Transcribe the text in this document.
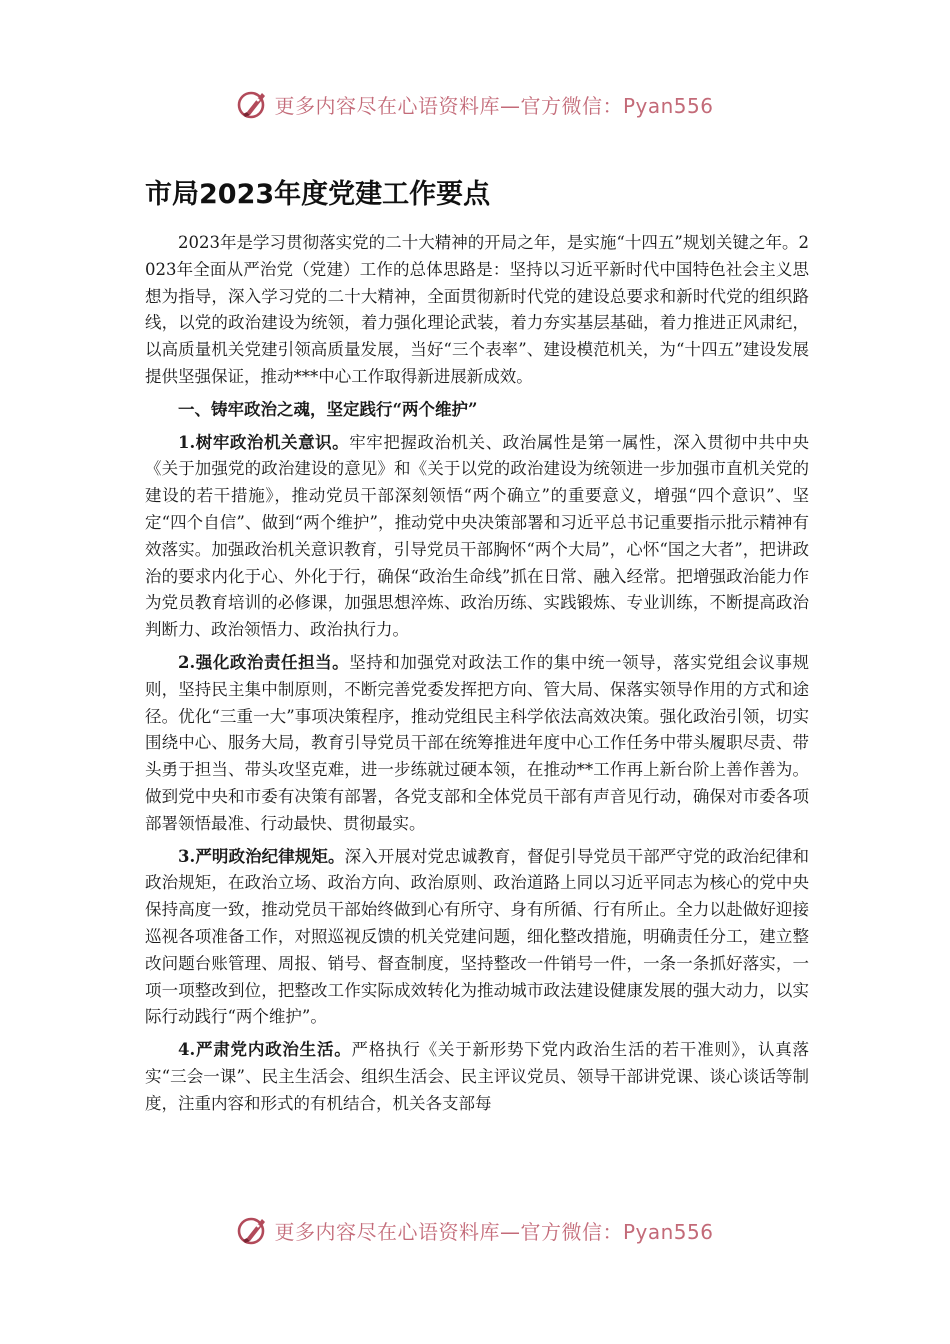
更多内容尽在心语资料库—官方微信：Pyan556
市局2023年度党建工作要点

2023年是学习贯彻落实党的二十大精神的开局之年，是实施“十四五”规划关键之年。2023年全面从严治党（党建）工作的总体思路是：坚持以习近平新时代中国特色社会主义思想为指导，深入学习党的二十大精神，全面贯彻新时代党的建设总要求和新时代党的组织路线，以党的政治建设为统领，着力强化理论武装，着力夯实基层基础，着力推进正风肃纪，以高质量机关党建引领高质量发展，当好“三个表率”、建设模范机关，为“十四五”建设发展提供坚强保证，推动***中心工作取得新进展新成效。

一、铸牢政治之魂，坚定践行“两个维护”

1.树牢政治机关意识。牢牢把握政治机关、政治属性是第一属性，深入贯彻中共中央《关于加强党的政治建设的意见》和《关于以党的政治建设为统领进一步加强市直机关党的建设的若干措施》，推动党员干部深刻领悟“两个确立”的重要意义，增强“四个意识”、坚定“四个自信”、做到“两个维护”，推动党中央决策部署和习近平总书记重要指示批示精神有效落实。加强政治机关意识教育，引导党员干部胸怀“两个大局”，心怀“国之大者”，把讲政治的要求内化于心、外化于行，确保“政治生命线”抓在日常、融入经常。把增强政治能力作为党员教育培训的必修课，加强思想淬炼、政治历练、实践锻炼、专业训练，不断提高政治判断力、政治领悟力、政治执行力。

2.强化政治责任担当。坚持和加强党对政法工作的集中统一领导，落实党组会议事规则，坚持民主集中制原则，不断完善党委发挥把方向、管大局、保落实领导作用的方式和途径。优化“三重一大”事项决策程序，推动党组民主科学依法高效决策。强化政治引领，切实围绕中心、服务大局，教育引导党员干部在统筹推进年度中心工作任务中带头履职尽责、带头勇于担当、带头攻坚克难，进一步练就过硬本领，在推动**工作再上新台阶上善作善为。做到党中央和市委有决策有部署，各党支部和全体党员干部有声音见行动，确保对市委各项部署领悟最准、行动最快、贯彻最实。

3.严明政治纪律规矩。深入开展对党忠诚教育，督促引导党员干部严守党的政治纪律和政治规矩，在政治立场、政治方向、政治原则、政治道路上同以习近平同志为核心的党中央保持高度一致，推动党员干部始终做到心有所守、身有所循、行有所止。全力以赴做好迎接巡视各项准备工作，对照巡视反馈的机关党建问题，细化整改措施，明确责任分工，建立整改问题台账管理、周报、销号、督查制度，坚持整改一件销号一件，一条一条抓好落实，一项一项整改到位，把整改工作实际成效转化为推动城市政法建设健康发展的强大动力，以实际行动践行“两个维护”。

4.严肃党内政治生活。严格执行《关于新形势下党内政治生活的若干准则》，认真落实“三会一课”、民主生活会、组织生活会、民主评议党员、领导干部讲党课、谈心谈话等制度，注重内容和形式的有机结合，机关各支部每

更多内容尽在心语资料库—官方微信：Pyan556
